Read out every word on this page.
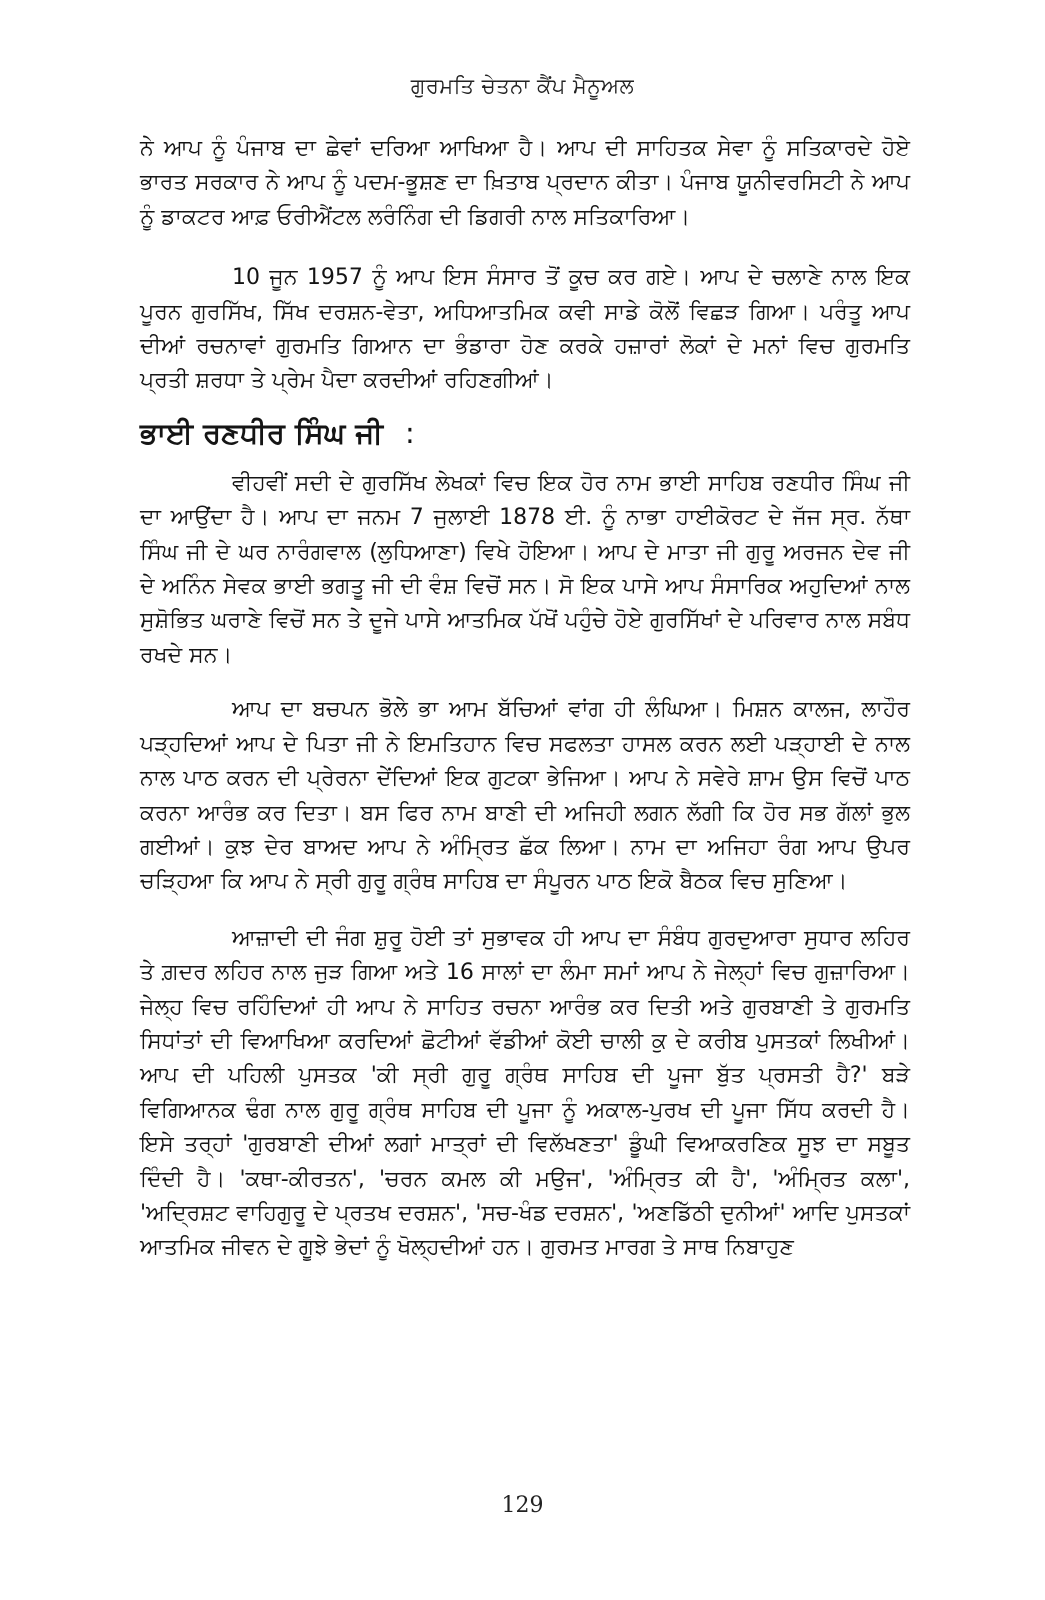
ਗੁਰਮਤਿ ਚੇਤਨਾ ਕੈਂਪ ਮੈਨੂਅਲ

ਨੇ ਆਪ ਨੂੰ ਪੰਜਾਬ ਦਾ ਛੇਵਾਂ ਦਰਿਆ ਆਖਿਆ ਹੈ। ਆਪ ਦੀ ਸਾਹਿਤਕ ਸੇਵਾ ਨੂੰ ਸਤਿਕਾਰਦੇ ਹੋਏ ਭਾਰਤ ਸਰਕਾਰ ਨੇ ਆਪ ਨੂੰ ਪਦਮ-ਭੂਸ਼ਣ ਦਾ ਖ਼ਿਤਾਬ ਪ੍ਰਦਾਨ ਕੀਤਾ। ਪੰਜਾਬ ਯੂਨੀਵਰਸਿਟੀ ਨੇ ਆਪ ਨੂੰ ਡਾਕਟਰ ਆਫ਼ ਓਰੀਐਂਟਲ ਲਰੰਨਿੰਗ ਦੀ ਡਿਗਰੀ ਨਾਲ ਸਤਿਕਾਰਿਆ।

10 ਜੂਨ 1957 ਨੂੰ ਆਪ ਇਸ ਸੰਸਾਰ ਤੋਂ ਕੂਚ ਕਰ ਗਏ। ਆਪ ਦੇ ਚਲਾਣੇ ਨਾਲ ਇਕ ਪੂਰਨ ਗੁਰਸਿੱਖ, ਸਿੱਖ ਦਰਸ਼ਨ-ਵੇਤਾ, ਅਧਿਆਤਮਿਕ ਕਵੀ ਸਾਡੇ ਕੋਲੋਂ ਵਿਛੜ ਗਿਆ। ਪਰੰਤੂ ਆਪ ਦੀਆਂ ਰਚਨਾਵਾਂ ਗੁਰਮਤਿ ਗਿਆਨ ਦਾ ਭੰਡਾਰਾ ਹੋਣ ਕਰਕੇ ਹਜ਼ਾਰਾਂ ਲੋਕਾਂ ਦੇ ਮਨਾਂ ਵਿਚ ਗੁਰਮਤਿ ਪ੍ਰਤੀ ਸ਼ਰਧਾ ਤੇ ਪ੍ਰੇਮ ਪੈਦਾ ਕਰਦੀਆਂ ਰਹਿਣਗੀਆਂ।

ਭਾਈ ਰਣਧੀਰ ਸਿੰਘ ਜੀ :

ਵੀਹਵੀਂ ਸਦੀ ਦੇ ਗੁਰਸਿੱਖ ਲੇਖਕਾਂ ਵਿਚ ਇਕ ਹੋਰ ਨਾਮ ਭਾਈ ਸਾਹਿਬ ਰਣਧੀਰ ਸਿੰਘ ਜੀ ਦਾ ਆਉਂਦਾ ਹੈ। ਆਪ ਦਾ ਜਨਮ 7 ਜੁਲਾਈ 1878 ਈ. ਨੂੰ ਨਾਭਾ ਹਾਈਕੋਰਟ ਦੇ ਜੱਜ ਸ੍ਰ. ਨੱਥਾ ਸਿੰਘ ਜੀ ਦੇ ਘਰ ਨਾਰੰਗਵਾਲ (ਲੁਧਿਆਣਾ) ਵਿਖੇ ਹੋਇਆ। ਆਪ ਦੇ ਮਾਤਾ ਜੀ ਗੁਰੂ ਅਰਜਨ ਦੇਵ ਜੀ ਦੇ ਅਨਿੰਨ ਸੇਵਕ ਭਾਈ ਭਗਤੂ ਜੀ ਦੀ ਵੰਸ਼ ਵਿਚੋਂ ਸਨ। ਸੋ ਇਕ ਪਾਸੇ ਆਪ ਸੰਸਾਰਿਕ ਅਹੁਦਿਆਂ ਨਾਲ ਸੁਸ਼ੋਭਿਤ ਘਰਾਣੇ ਵਿਚੋਂ ਸਨ ਤੇ ਦੂਜੇ ਪਾਸੇ ਆਤਮਿਕ ਪੱਖੋਂ ਪਹੁੰਚੇ ਹੋਏ ਗੁਰਸਿੱਖਾਂ ਦੇ ਪਰਿਵਾਰ ਨਾਲ ਸਬੰਧ ਰਖਦੇ ਸਨ।

ਆਪ ਦਾ ਬਚਪਨ ਭੋਲੇ ਭਾ ਆਮ ਬੱਚਿਆਂ ਵਾਂਗ ਹੀ ਲੰਘਿਆ। ਮਿਸ਼ਨ ਕਾਲਜ, ਲਾਹੌਰ ਪੜ੍ਹਦਿਆਂ ਆਪ ਦੇ ਪਿਤਾ ਜੀ ਨੇ ਇਮਤਿਹਾਨ ਵਿਚ ਸਫਲਤਾ ਹਾਸਲ ਕਰਨ ਲਈ ਪੜ੍ਹਾਈ ਦੇ ਨਾਲ ਨਾਲ ਪਾਠ ਕਰਨ ਦੀ ਪ੍ਰੇਰਨਾ ਦੇਂਦਿਆਂ ਇਕ ਗੁਟਕਾ ਭੇਜਿਆ। ਆਪ ਨੇ ਸਵੇਰੇ ਸ਼ਾਮ ਉਸ ਵਿਚੋਂ ਪਾਠ ਕਰਨਾ ਆਰੰਭ ਕਰ ਦਿਤਾ। ਬਸ ਫਿਰ ਨਾਮ ਬਾਣੀ ਦੀ ਅਜਿਹੀ ਲਗਨ ਲੱਗੀ ਕਿ ਹੋਰ ਸਭ ਗੱਲਾਂ ਭੁਲ ਗਈਆਂ। ਕੁਝ ਦੇਰ ਬਾਅਦ ਆਪ ਨੇ ਅੰਮ੍ਰਿਤ ਛੱਕ ਲਿਆ। ਨਾਮ ਦਾ ਅਜਿਹਾ ਰੰਗ ਆਪ ਉਪਰ ਚੜ੍ਹਿਆ ਕਿ ਆਪ ਨੇ ਸ੍ਰੀ ਗੁਰੂ ਗ੍ਰੰਥ ਸਾਹਿਬ ਦਾ ਸੰਪੂਰਨ ਪਾਠ ਇਕੋ ਬੈਠਕ ਵਿਚ ਸੁਣਿਆ।

ਆਜ਼ਾਦੀ ਦੀ ਜੰਗ ਸ਼ੁਰੂ ਹੋਈ ਤਾਂ ਸੁਭਾਵਕ ਹੀ ਆਪ ਦਾ ਸੰਬੰਧ ਗੁਰਦੁਆਰਾ ਸੁਧਾਰ ਲਹਿਰ ਤੇ ਗ਼ਦਰ ਲਹਿਰ ਨਾਲ ਜੁੜ ਗਿਆ ਅਤੇ 16 ਸਾਲਾਂ ਦਾ ਲੰਮਾ ਸਮਾਂ ਆਪ ਨੇ ਜੇਲ੍ਹਾਂ ਵਿਚ ਗੁਜ਼ਾਰਿਆ। ਜੇਲ੍ਹ ਵਿਚ ਰਹਿੰਦਿਆਂ ਹੀ ਆਪ ਨੇ ਸਾਹਿਤ ਰਚਨਾ ਆਰੰਭ ਕਰ ਦਿਤੀ ਅਤੇ ਗੁਰਬਾਣੀ ਤੇ ਗੁਰਮਤਿ ਸਿਧਾਂਤਾਂ ਦੀ ਵਿਆਖਿਆ ਕਰਦਿਆਂ ਛੋਟੀਆਂ ਵੱਡੀਆਂ ਕੋਈ ਚਾਲੀ ਕੁ ਦੇ ਕਰੀਬ ਪੁਸਤਕਾਂ ਲਿਖੀਆਂ। ਆਪ ਦੀ ਪਹਿਲੀ ਪੁਸਤਕ 'ਕੀ ਸ੍ਰੀ ਗੁਰੂ ਗ੍ਰੰਥ ਸਾਹਿਬ ਦੀ ਪੂਜਾ ਬੁੱਤ ਪ੍ਰਸਤੀ ਹੈ?' ਬੜੇ ਵਿਗਿਆਨਕ ਢੰਗ ਨਾਲ ਗੁਰੂ ਗ੍ਰੰਥ ਸਾਹਿਬ ਦੀ ਪੂਜਾ ਨੂੰ ਅਕਾਲ-ਪੁਰਖ ਦੀ ਪੂਜਾ ਸਿੱਧ ਕਰਦੀ ਹੈ। ਇਸੇ ਤਰ੍ਹਾਂ 'ਗੁਰਬਾਣੀ ਦੀਆਂ ਲਗਾਂ ਮਾਤ੍ਰਾਂ ਦੀ ਵਿਲੱਖਣਤਾ' ਡੂੰਘੀ ਵਿਆਕਰਣਿਕ ਸੂਝ ਦਾ ਸਬੂਤ ਦਿੰਦੀ ਹੈ। 'ਕਥਾ-ਕੀਰਤਨ', 'ਚਰਨ ਕਮਲ ਕੀ ਮਉਜ', 'ਅੰਮ੍ਰਿਤ ਕੀ ਹੈ', 'ਅੰਮ੍ਰਿਤ ਕਲਾ', 'ਅਦ੍ਰਿਸ਼ਟ ਵਾਹਿਗੁਰੂ ਦੇ ਪ੍ਰਤਖ ਦਰਸ਼ਨ', 'ਸਚ-ਖੰਡ ਦਰਸ਼ਨ', 'ਅਣਡਿੱਠੀ ਦੁਨੀਆਂ' ਆਦਿ ਪੁਸਤਕਾਂ ਆਤਮਿਕ ਜੀਵਨ ਦੇ ਗੂਝੇ ਭੇਦਾਂ ਨੂੰ ਖੋਲ੍ਹਦੀਆਂ ਹਨ। ਗੁਰਮਤ ਮਾਰਗ ਤੇ ਸਾਥ ਨਿਬਾਹੁਣ

129
